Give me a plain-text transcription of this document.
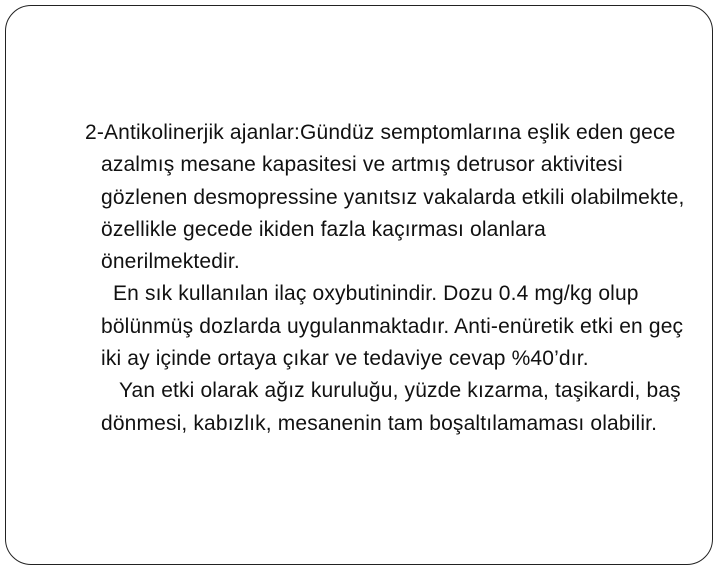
2-Antikolinerjik ajanlar:Gündüz semptomlarına eşlik eden gece azalmış mesane kapasitesi ve artmış detrusor aktivitesi gözlenen desmopressine yanıtsız vakalarda etkili olabilmekte, özellikle gecede ikiden fazla kaçırması olanlara önerilmektedir.

En sık kullanılan ilaç oxybutinindir. Dozu 0.4 mg/kg olup bölünmüş dozlarda uygulanmaktadır. Anti-enüretik etki en geç iki ay içinde ortaya çıkar ve tedaviye cevap %40’dır.

Yan etki olarak ağız kuruluğu, yüzde kızarma, taşikardi, baş dönmesi, kabızlık, mesanenin tam boşaltılamaması olabilir.
